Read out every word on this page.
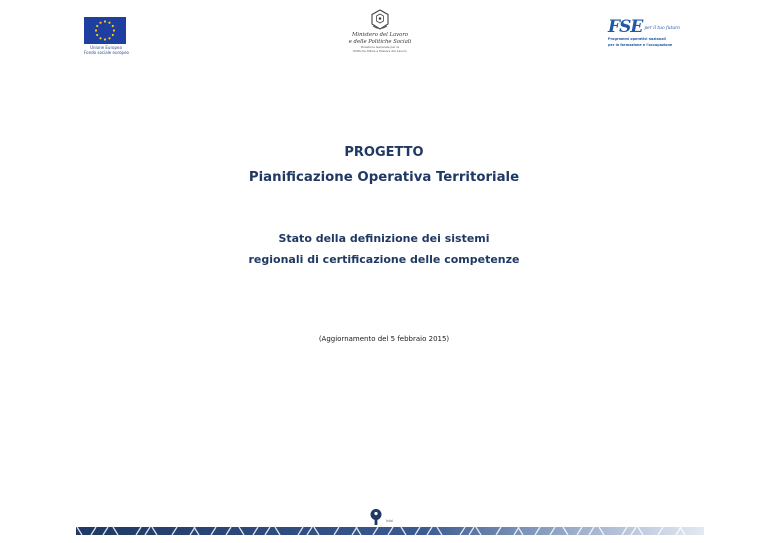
Unione Europea
Fondo sociale europeo
Ministero del Lavoro
e delle Politiche Sociali
Direzione Generale per le
Politiche Attive e Passive del Lavoro
FSE per il tuo futuro
Programmi operativi nazionali
per la formazione e l'occupazione
PROGETTO
Pianificazione Operativa Territoriale
Stato della definizione dei sistemi
regionali di certificazione delle competenze
(Aggiornamento del 5 febbraio 2015)
Isfol
